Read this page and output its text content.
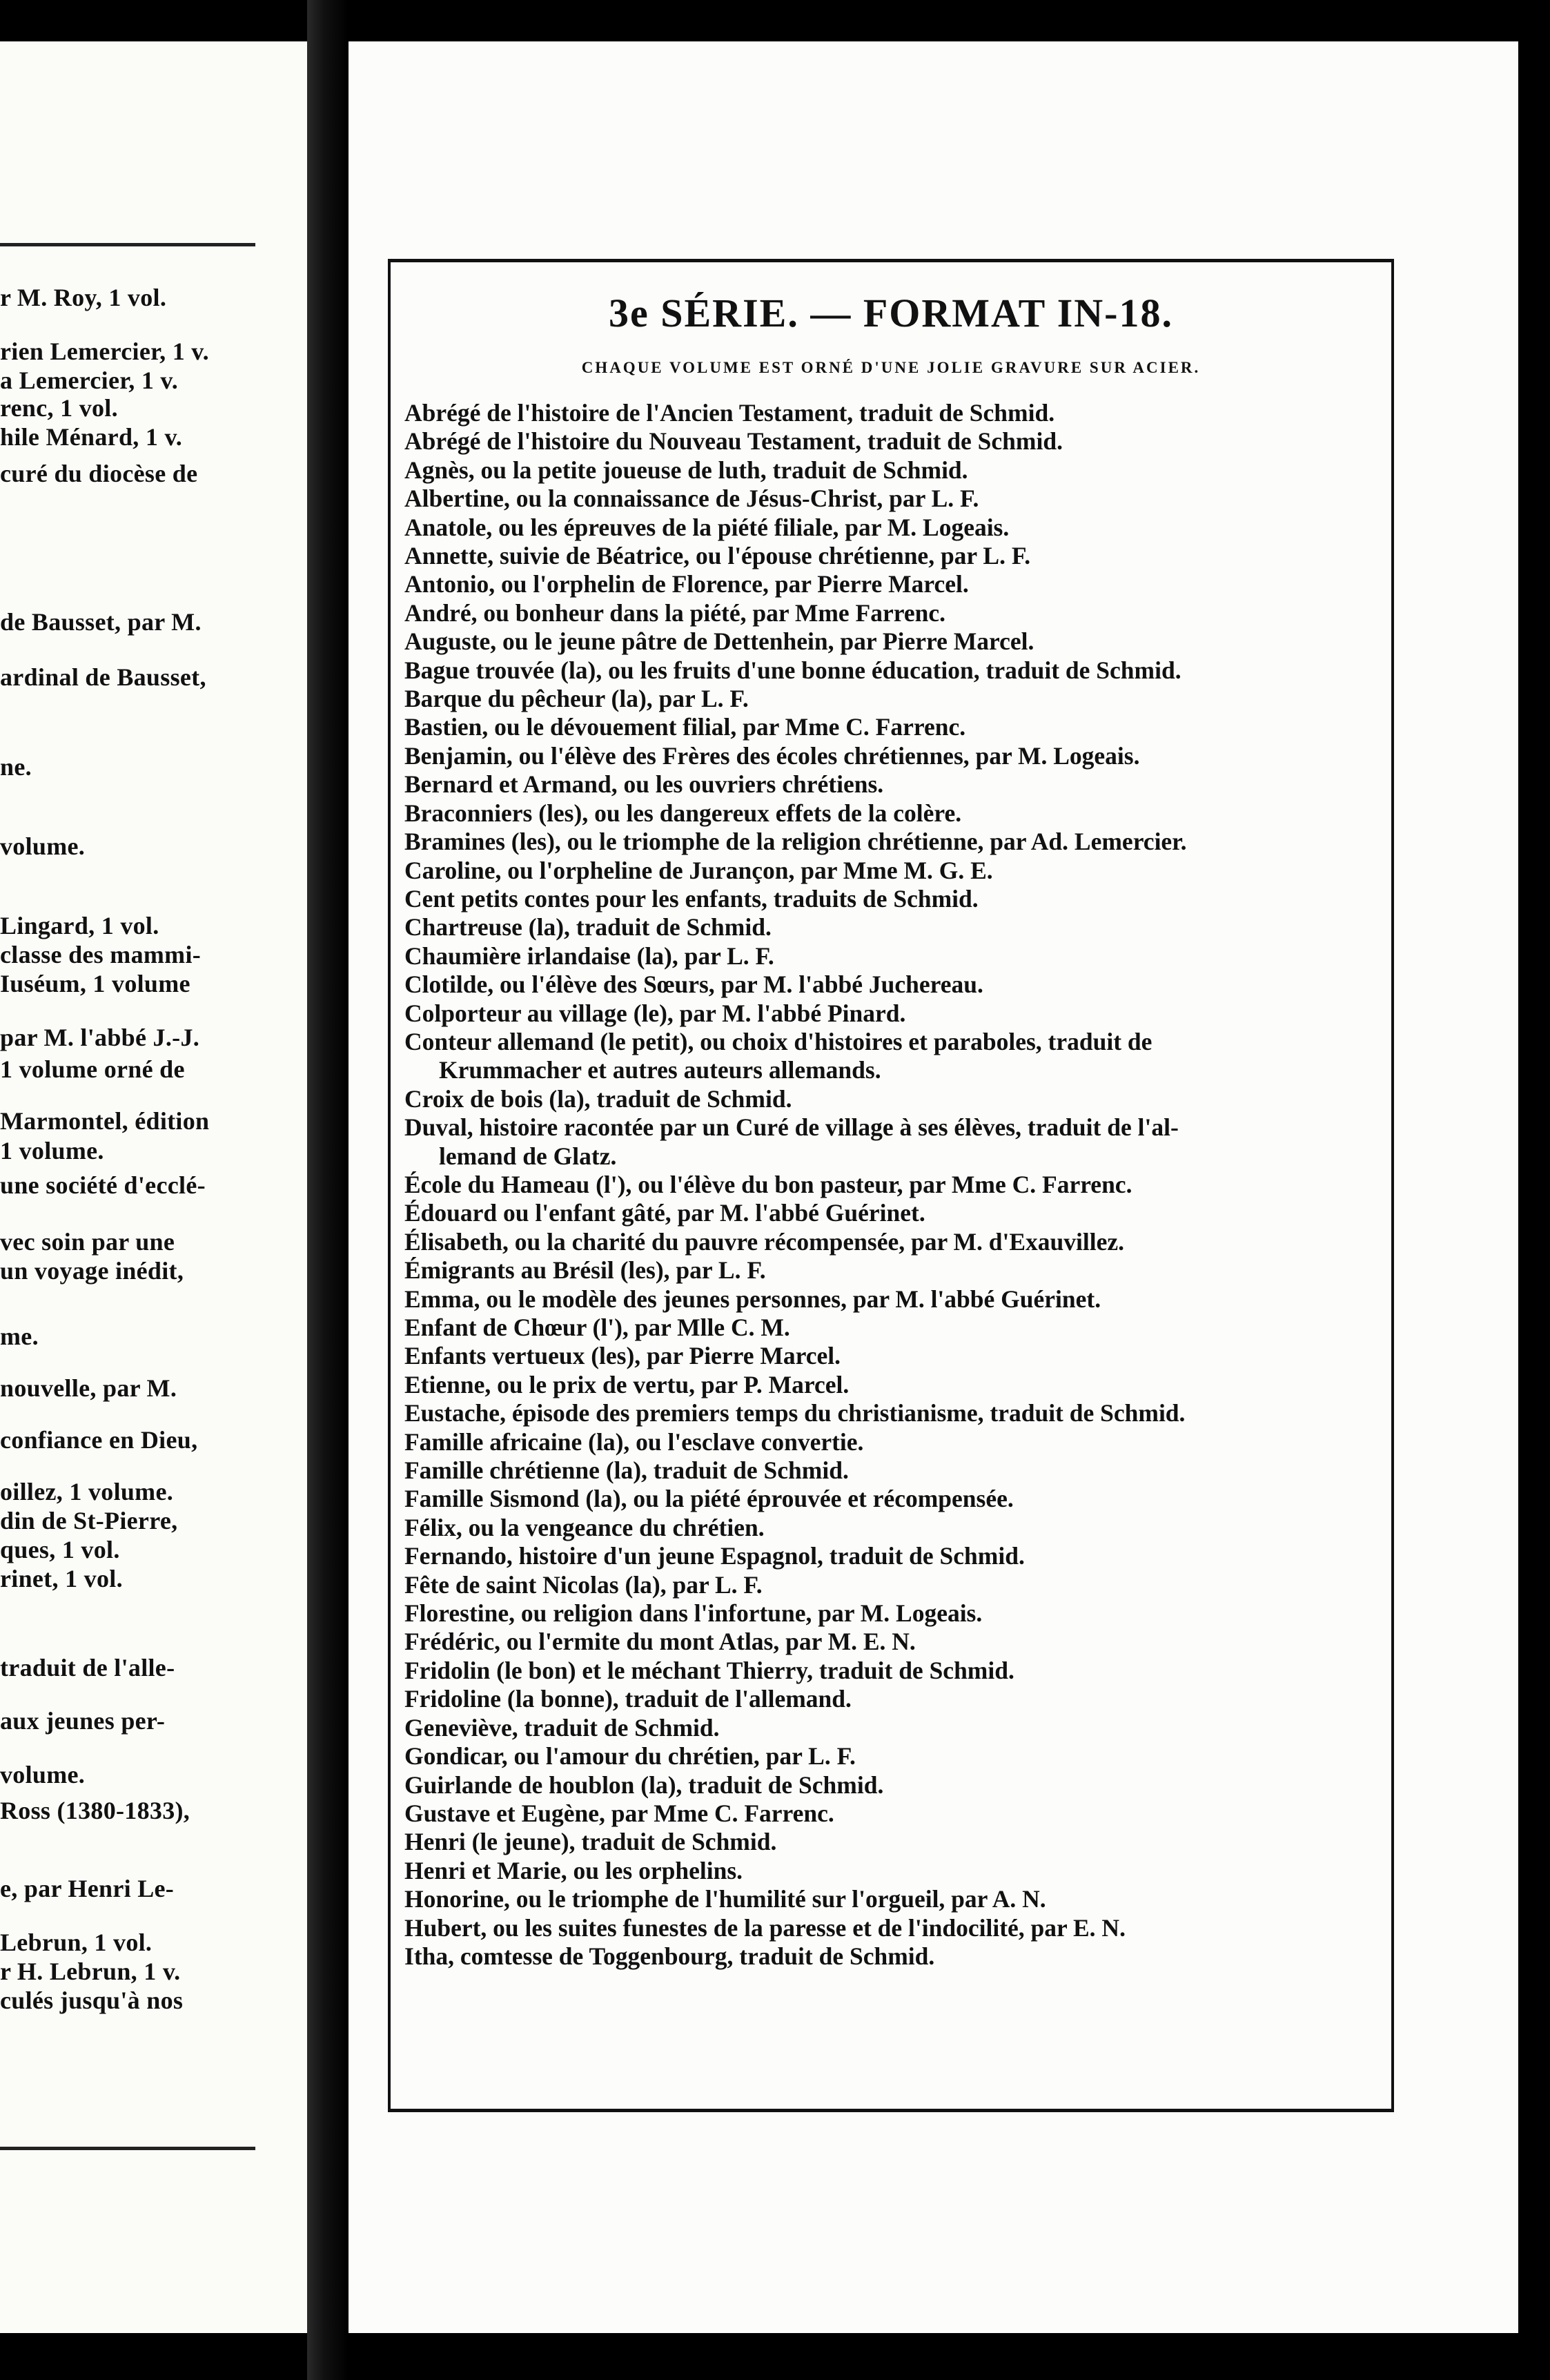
r M. Roy, 1 vol.
rien Lemercier, 1 v.
a Lemercier, 1 v.
renc, 1 vol.
hile Ménard, 1 v.
curé du diocèse de
de Bausset, par M.
ardinal de Bausset,
ne.
volume.
Lingard, 1 vol.
classe des mammi-
Iuséum, 1 volume
par M. l'abbé J.-J.
1 volume orné de
Marmontel, édition
1 volume.
une société d'ecclé-
vec soin par une
un voyage inédit,
me.
nouvelle, par M.
confiance en Dieu,
oillez, 1 volume.
din de St-Pierre,
ques, 1 vol.
rinet, 1 vol.
traduit de l'alle-
aux jeunes per-
volume.
Ross (1380-1833),
e, par Henri Le-
Lebrun, 1 vol.
r H. Lebrun, 1 v.
culés jusqu'à nos
3e SÉRIE. — FORMAT IN-18.
CHAQUE VOLUME EST ORNÉ D'UNE JOLIE GRAVURE SUR ACIER.
Abrégé de l'histoire de l'Ancien Testament, traduit de Schmid.
Abrégé de l'histoire du Nouveau Testament, traduit de Schmid.
Agnès, ou la petite joueuse de luth, traduit de Schmid.
Albertine, ou la connaissance de Jésus-Christ, par L. F.
Anatole, ou les épreuves de la piété filiale, par M. Logeais.
Annette, suivie de Béatrice, ou l'épouse chrétienne, par L. F.
Antonio, ou l'orphelin de Florence, par Pierre Marcel.
André, ou bonheur dans la piété, par Mme Farrenc.
Auguste, ou le jeune pâtre de Dettenhein, par Pierre Marcel.
Bague trouvée (la), ou les fruits d'une bonne éducation, traduit de Schmid.
Barque du pêcheur (la), par L. F.
Bastien, ou le dévouement filial, par Mme C. Farrenc.
Benjamin, ou l'élève des Frères des écoles chrétiennes, par M. Logeais.
Bernard et Armand, ou les ouvriers chrétiens.
Braconniers (les), ou les dangereux effets de la colère.
Bramines (les), ou le triomphe de la religion chrétienne, par Ad. Lemercier.
Caroline, ou l'orpheline de Jurançon, par Mme M. G. E.
Cent petits contes pour les enfants, traduits de Schmid.
Chartreuse (la), traduit de Schmid.
Chaumière irlandaise (la), par L. F.
Clotilde, ou l'élève des Sœurs, par M. l'abbé Juchereau.
Colporteur au village (le), par M. l'abbé Pinard.
Conteur allemand (le petit), ou choix d'histoires et paraboles, traduit de
Krummacher et autres auteurs allemands.
Croix de bois (la), traduit de Schmid.
Duval, histoire racontée par un Curé de village à ses élèves, traduit de l'al-
lemand de Glatz.
École du Hameau (l'), ou l'élève du bon pasteur, par Mme C. Farrenc.
Édouard ou l'enfant gâté, par M. l'abbé Guérinet.
Élisabeth, ou la charité du pauvre récompensée, par M. d'Exauvillez.
Émigrants au Brésil (les), par L. F.
Emma, ou le modèle des jeunes personnes, par M. l'abbé Guérinet.
Enfant de Chœur (l'), par Mlle C. M.
Enfants vertueux (les), par Pierre Marcel.
Etienne, ou le prix de vertu, par P. Marcel.
Eustache, épisode des premiers temps du christianisme, traduit de Schmid.
Famille africaine (la), ou l'esclave convertie.
Famille chrétienne (la), traduit de Schmid.
Famille Sismond (la), ou la piété éprouvée et récompensée.
Félix, ou la vengeance du chrétien.
Fernando, histoire d'un jeune Espagnol, traduit de Schmid.
Fête de saint Nicolas (la), par L. F.
Florestine, ou religion dans l'infortune, par M. Logeais.
Frédéric, ou l'ermite du mont Atlas, par M. E. N.
Fridolin (le bon) et le méchant Thierry, traduit de Schmid.
Fridoline (la bonne), traduit de l'allemand.
Geneviève, traduit de Schmid.
Gondicar, ou l'amour du chrétien, par L. F.
Guirlande de houblon (la), traduit de Schmid.
Gustave et Eugène, par Mme C. Farrenc.
Henri (le jeune), traduit de Schmid.
Henri et Marie, ou les orphelins.
Honorine, ou le triomphe de l'humilité sur l'orgueil, par A. N.
Hubert, ou les suites funestes de la paresse et de l'indocilité, par E. N.
Itha, comtesse de Toggenbourg, traduit de Schmid.
